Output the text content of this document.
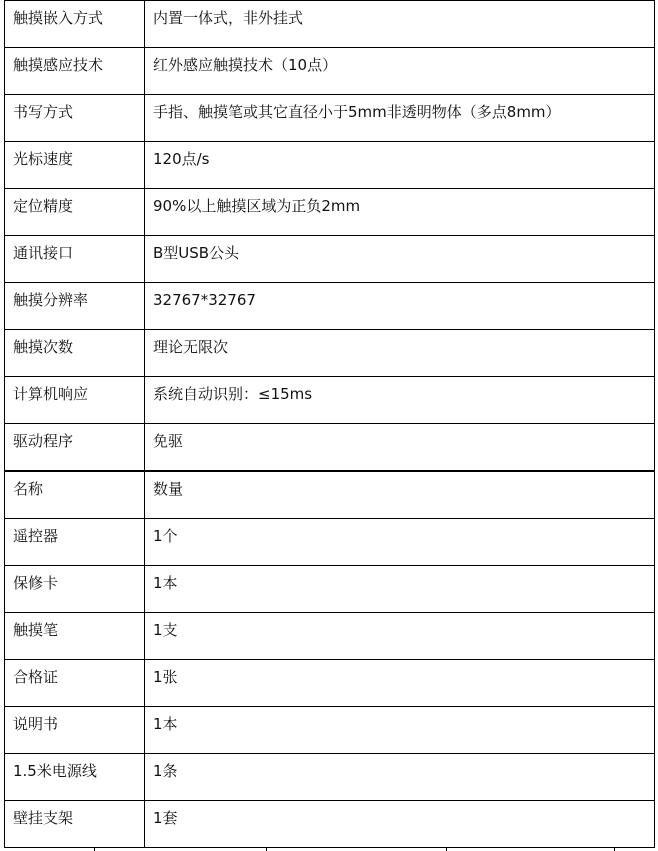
触摸嵌入方式	内置一体式，非外挂式
触摸感应技术	红外感应触摸技术（10点）
书写方式	手指、触摸笔或其它直径小于5mm非透明物体（多点8mm）
光标速度	120点/s
定位精度	90%以上触摸区域为正负2mm
通讯接口	B型USB公头
触摸分辨率	32767*32767
触摸次数	理论无限次
计算机响应	系统自动识别：≤15ms
驱动程序	免驱
名称	数量
遥控器	1个
保修卡	1本
触摸笔	1支
合格证	1张
说明书	1本
1.5米电源线	1条
壁挂支架	1套
